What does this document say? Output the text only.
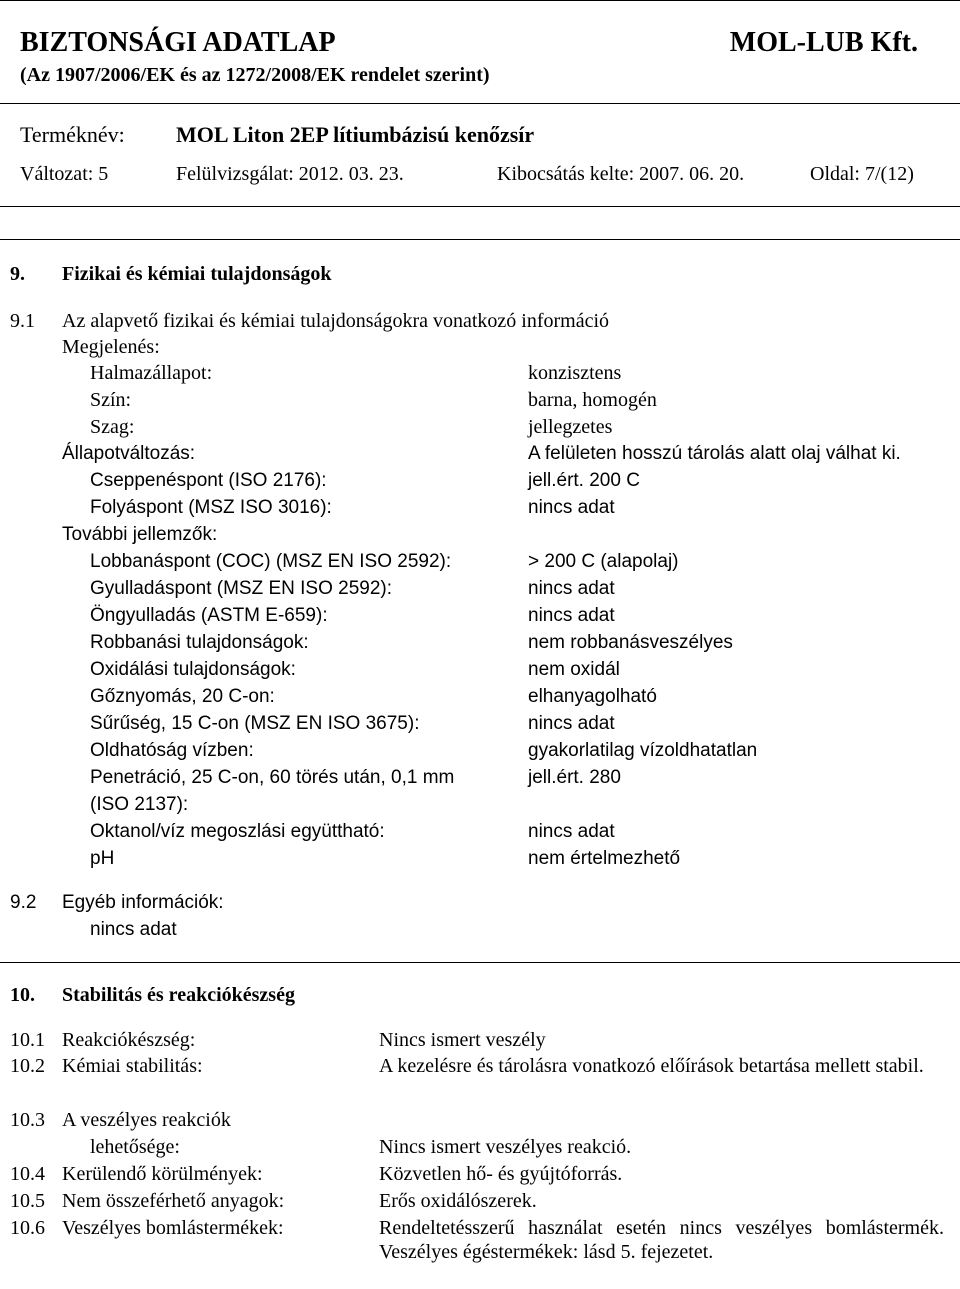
BIZTONSÁGI ADATLAP	MOL-LUB Kft.
(Az 1907/2006/EK és az 1272/2008/EK rendelet szerint)
Terméknév: MOL Liton 2EP lítiumbázisú kenőzsír
Változat: 5	Felülvizsgálat: 2012. 03. 23.	Kibocsátás kelte: 2007. 06. 20.	Oldal: 7/(12)
9. Fizikai és kémiai tulajdonságok
9.1 Az alapvető fizikai és kémiai tulajdonságokra vonatkozó információ
Megjelenés:
Halmazállapot:	konzisztens
Szín:	barna, homogén
Szag:	jellegzetes
Állapotváltozás:	A felületen hosszú tárolás alatt olaj válhat ki.
Cseppenéspont (ISO 2176):	jell.ért. 200 C
Folyáspont (MSZ ISO 3016):	nincs adat
További jellemzők:
Lobbanáspont (COC) (MSZ EN ISO 2592):	> 200 C (alapolaj)
Gyulladáspont (MSZ EN ISO 2592):	nincs adat
Öngyulladás (ASTM E-659):	nincs adat
Robbanási tulajdonságok:	nem robbanásveszélyes
Oxidálási tulajdonságok:	nem oxidál
Gőznyomás, 20 C-on:	elhanyagolható
Sűrűség, 15 C-on (MSZ EN ISO 3675):	nincs adat
Oldhatóság vízben:	gyakorlatilag vízoldhatatlan
Penetráció, 25 C-on, 60 törés után, 0,1 mm	jell.ért. 280
(ISO 2137):
Oktanol/víz megoszlási együttható:	nincs adat
pH	nem értelmezhető
9.2 Egyéb információk:
nincs adat
10. Stabilitás és reakciókészség
10.1 Reakciókészség:	Nincs ismert veszély
10.2 Kémiai stabilitás:	A kezelésre és tárolásra vonatkozó előírások betartása mellett stabil.
10.3 A veszélyes reakciók
lehetősége:	Nincs ismert veszélyes reakció.
10.4 Kerülendő körülmények:	Közvetlen hő- és gyújtóforrás.
10.5 Nem összeférhető anyagok:	Erős oxidálószerek.
10.6 Veszélyes bomlástermékek:	Rendeltetésszerű használat esetén nincs veszélyes bomlástermék. Veszélyes égéstermékek: lásd 5. fejezetet.
